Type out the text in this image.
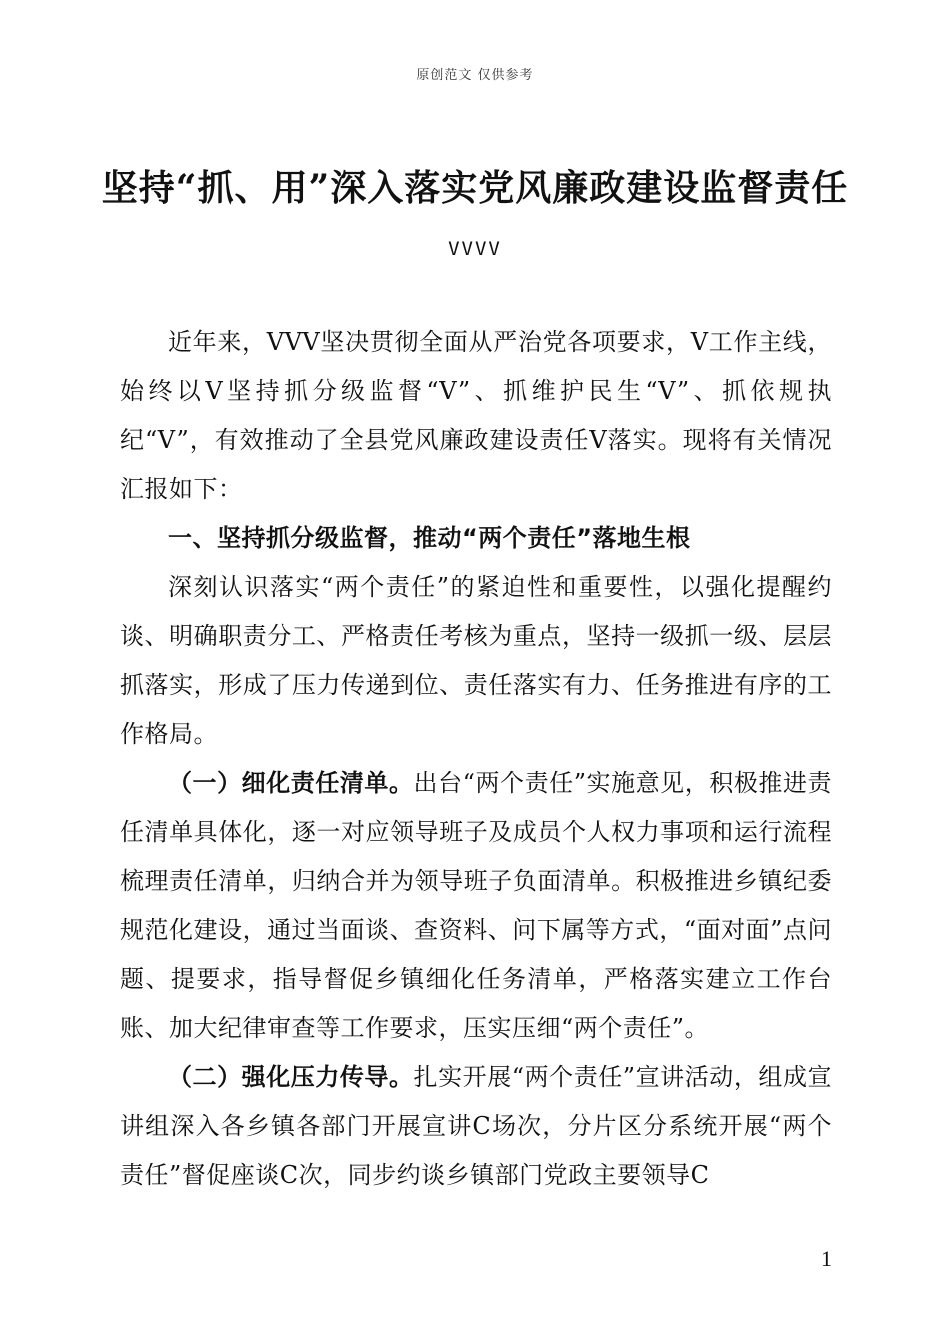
原创范文 仅供参考
坚持“抓、用”深入落实党风廉政建设监督责任
VVVV

近年来，VVV坚决贯彻全面从严治党各项要求，V工作主线，始终以V坚持抓分级监督“V”、抓维护民生“V”、抓依规执纪“V”，有效推动了全县党风廉政建设责任V落实。现将有关情况汇报如下：

一、坚持抓分级监督，推动“两个责任”落地生根

深刻认识落实“两个责任”的紧迫性和重要性，以强化提醒约谈、明确职责分工、严格责任考核为重点，坚持一级抓一级、层层抓落实，形成了压力传递到位、责任落实有力、任务推进有序的工作格局。

（一）细化责任清单。出台“两个责任”实施意见，积极推进责任清单具体化，逐一对应领导班子及成员个人权力事项和运行流程梳理责任清单，归纳合并为领导班子负面清单。积极推进乡镇纪委规范化建设，通过当面谈、查资料、问下属等方式，“面对面”点问题、提要求，指导督促乡镇细化任务清单，严格落实建立工作台账、加大纪律审查等工作要求，压实压细“两个责任”。

（二）强化压力传导。扎实开展“两个责任”宣讲活动，组成宣讲组深入各乡镇各部门开展宣讲C场次，分片区分系统开展“两个责任”督促座谈C次，同步约谈乡镇部门党政主要领导C

1
